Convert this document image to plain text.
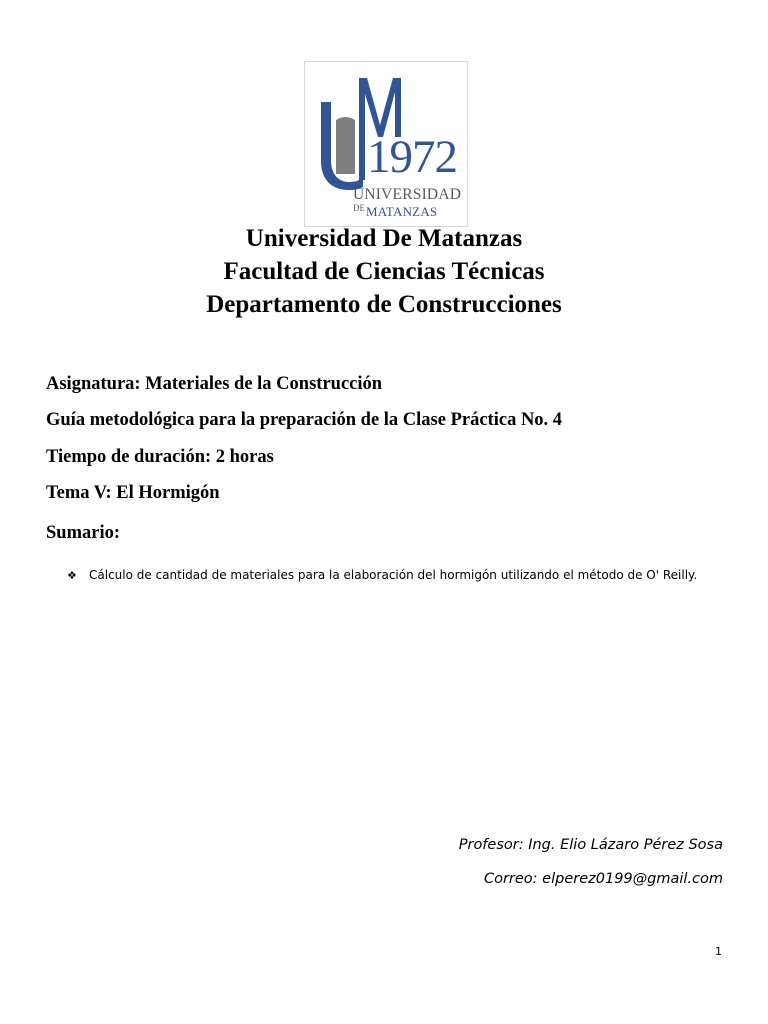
1972
UNIVERSIDAD
DE MATANZAS
Universidad De Matanzas
Facultad de Ciencias Técnicas
Departamento de Construcciones
Asignatura: Materiales de la Construcción
Guía metodológica para la preparación de la Clase Práctica No. 4
Tiempo de duración: 2 horas
Tema V: El Hormigón
Sumario:
❖ Cálculo de cantidad de materiales para la elaboración del hormigón utilizando el método de O' Reilly.
Profesor: Ing. Elio Lázaro Pérez Sosa
Correo: elperez0199@gmail.com
1
